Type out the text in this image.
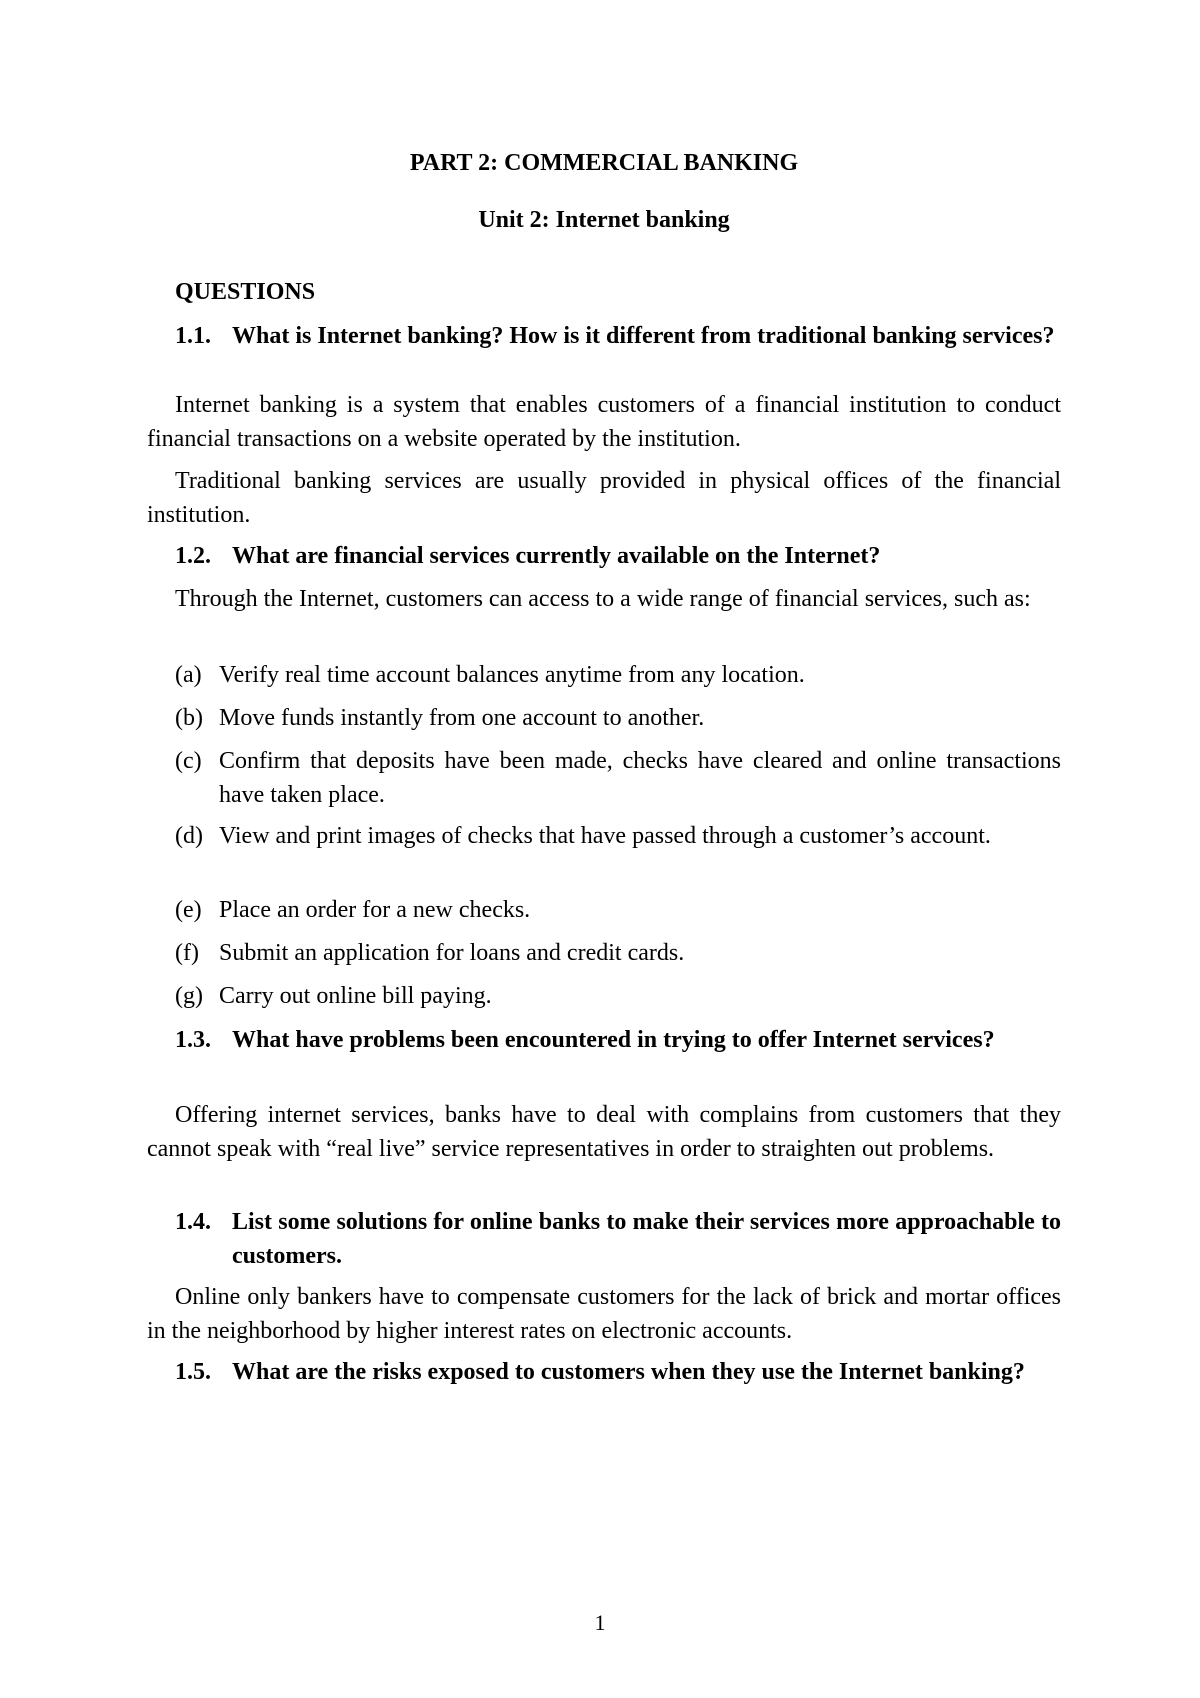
PART 2: COMMERCIAL BANKING
Unit 2: Internet banking
QUESTIONS
1.1. What is Internet banking? How is it different from traditional banking services?
Internet banking is a system that enables customers of a financial institution to conduct financial transactions on a website operated by the institution.
Traditional banking services are usually provided in physical offices of the financial institution.
1.2. What are financial services currently available on the Internet?
Through the Internet, customers can access to a wide range of financial services, such as:
(a) Verify real time account balances anytime from any location.
(b) Move funds instantly from one account to another.
(c) Confirm that deposits have been made, checks have cleared and online transactions have taken place.
(d) View and print images of checks that have passed through a customer’s account.
(e) Place an order for a new checks.
(f) Submit an application for loans and credit cards.
(g) Carry out online bill paying.
1.3. What have problems been encountered in trying to offer Internet services?
Offering internet services, banks have to deal with complains from customers that they cannot speak with “real live” service representatives in order to straighten out problems.
1.4. List some solutions for online banks to make their services more approachable to customers.
Online only bankers have to compensate customers for the lack of brick and mortar offices in the neighborhood by higher interest rates on electronic accounts.
1.5. What are the risks exposed to customers when they use the Internet banking?
1
